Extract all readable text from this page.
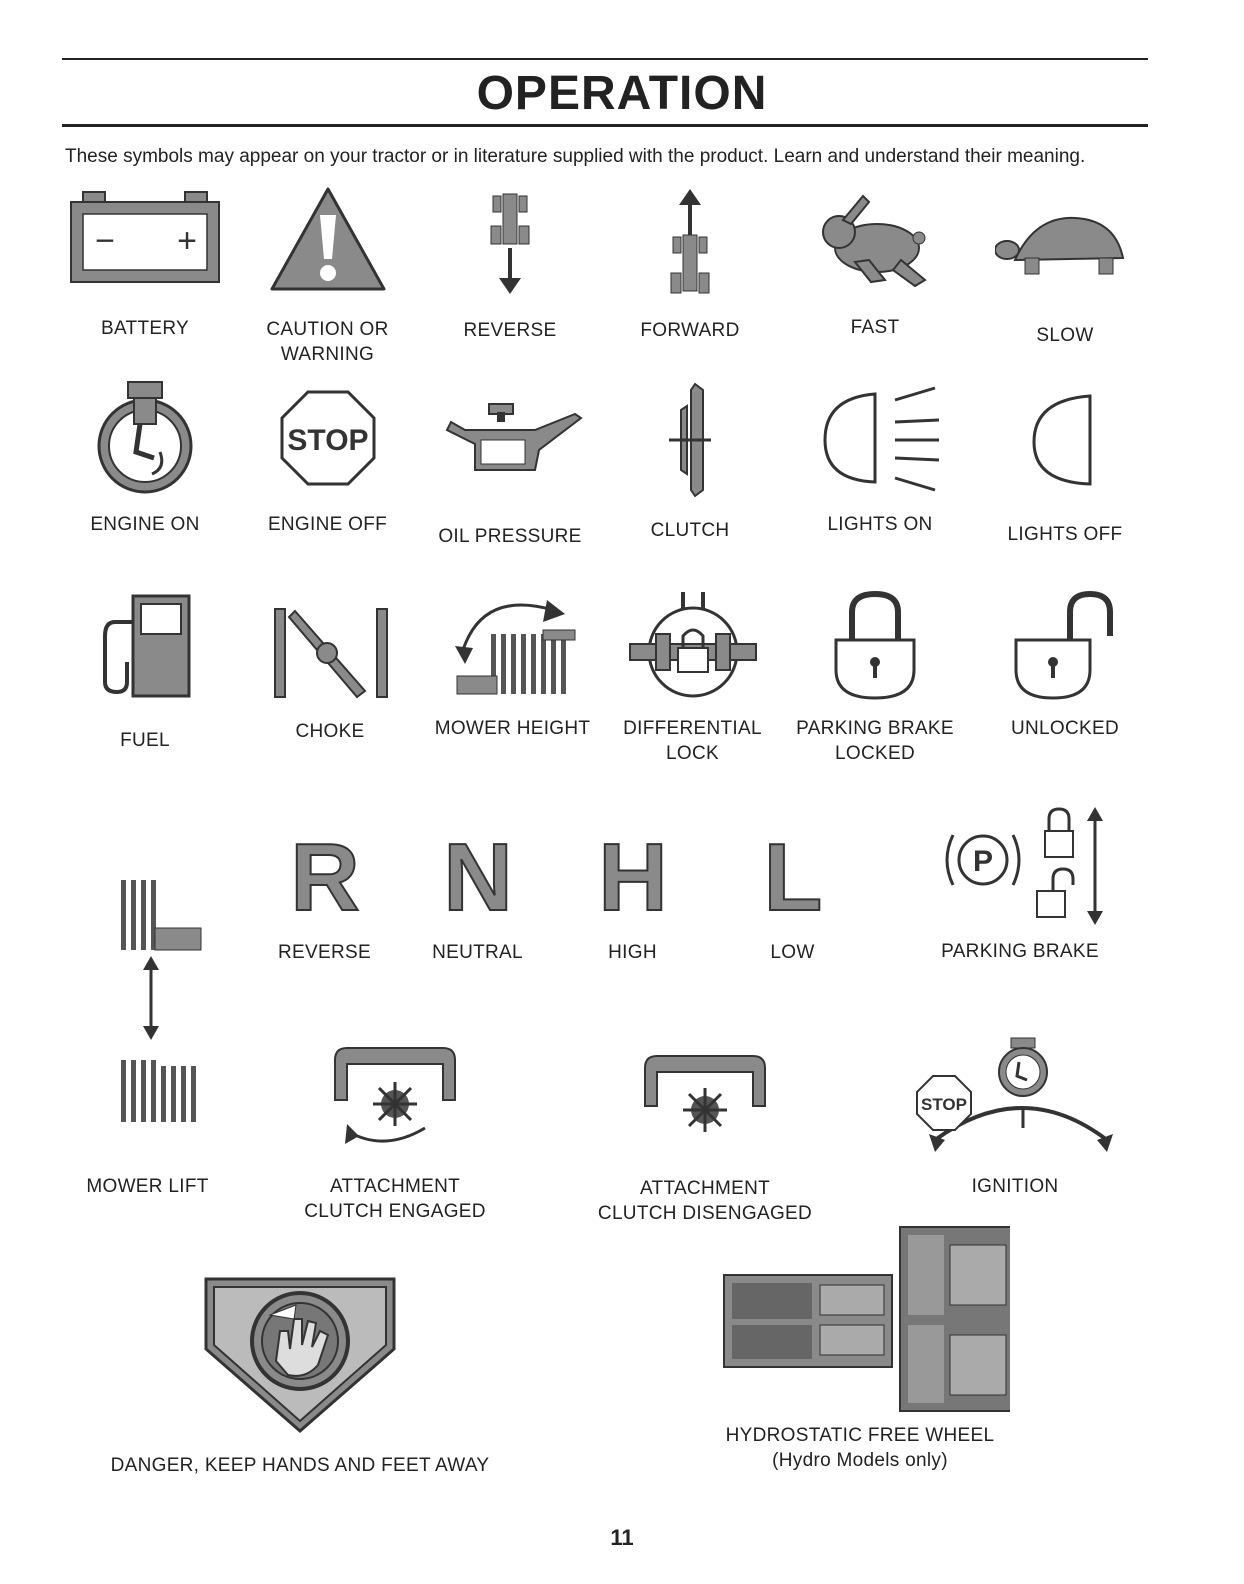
OPERATION
These symbols may appear on your tractor or in literature supplied with the product. Learn and understand their meaning.
− +
BATTERY	CAUTION OR
WARNING
REVERSE	FORWARD	FAST	SLOW
ENGINE ON
STOP
ENGINE OFF
OIL PRESSURE	CLUTCH	LIGHTS ON	LIGHTS OFF
FUEL	CHOKE	MOWER HEIGHT	DIFFERENTIAL
LOCK
PARKING BRAKE
LOCKED
UNLOCKED
R
REVERSE
N
NEUTRAL
H
HIGH
L
LOW
P
PARKING BRAKE
MOWER LIFT	ATTACHMENT
CLUTCH ENGAGED
ATTACHMENT
CLUTCH DISENGAGED
STOP
IGNITION
DANGER, KEEP HANDS AND FEET AWAY
HYDROSTATIC FREE WHEEL
(Hydro Models only)
11
